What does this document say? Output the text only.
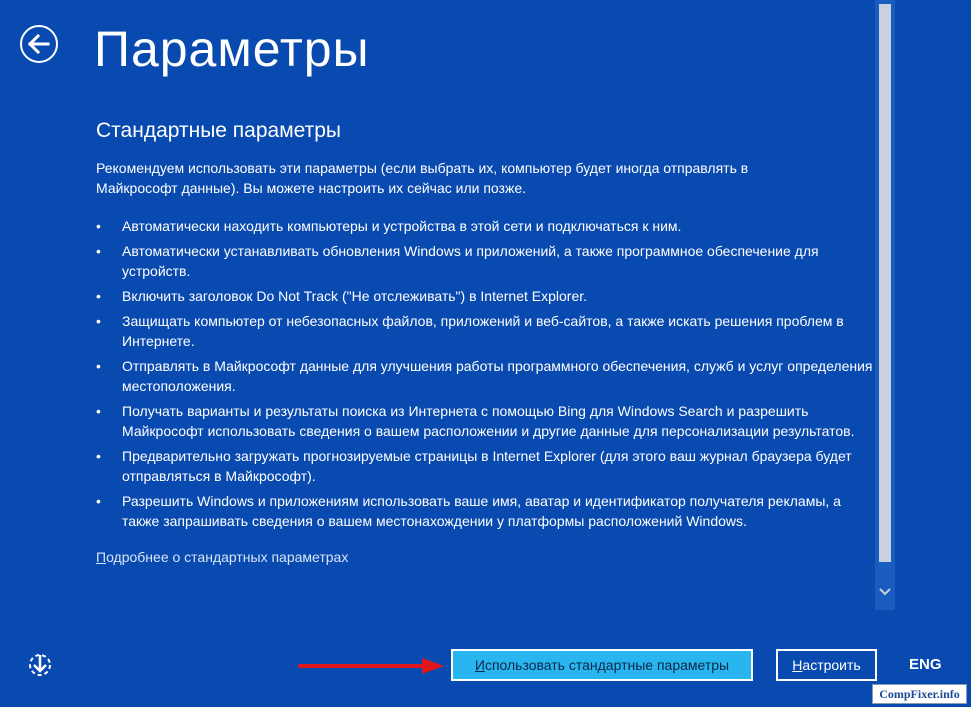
Параметры
Стандартные параметры

Рекомендуем использовать эти параметры (если выбрать их, компьютер будет иногда отправлять в Майкрософт данные). Вы можете настроить их сейчас или позже.

• Автоматически находить компьютеры и устройства в этой сети и подключаться к ним.
• Автоматически устанавливать обновления Windows и приложений, а также программное обеспечение для устройств.
• Включить заголовок Do Not Track ("Не отслеживать") в Internet Explorer.
• Защищать компьютер от небезопасных файлов, приложений и веб-сайтов, а также искать решения проблем в Интернете.
• Отправлять в Майкрософт данные для улучшения работы программного обеспечения, служб и услуг определения местоположения.
• Получать варианты и результаты поиска из Интернета с помощью Bing для Windows Search и разрешить Майкрософт использовать сведения о вашем расположении и другие данные для персонализации результатов.
• Предварительно загружать прогнозируемые страницы в Internet Explorer (для этого ваш журнал браузера будет отправляться в Майкрософт).
• Разрешить Windows и приложениям использовать ваше имя, аватар и идентификатор получателя рекламы, а также запрашивать сведения о вашем местонахождении у платформы расположений Windows.
Подробнее о стандартных параметрах
И спользовать стандартные параметры	Н астроить	ENG
CompFixer.info
